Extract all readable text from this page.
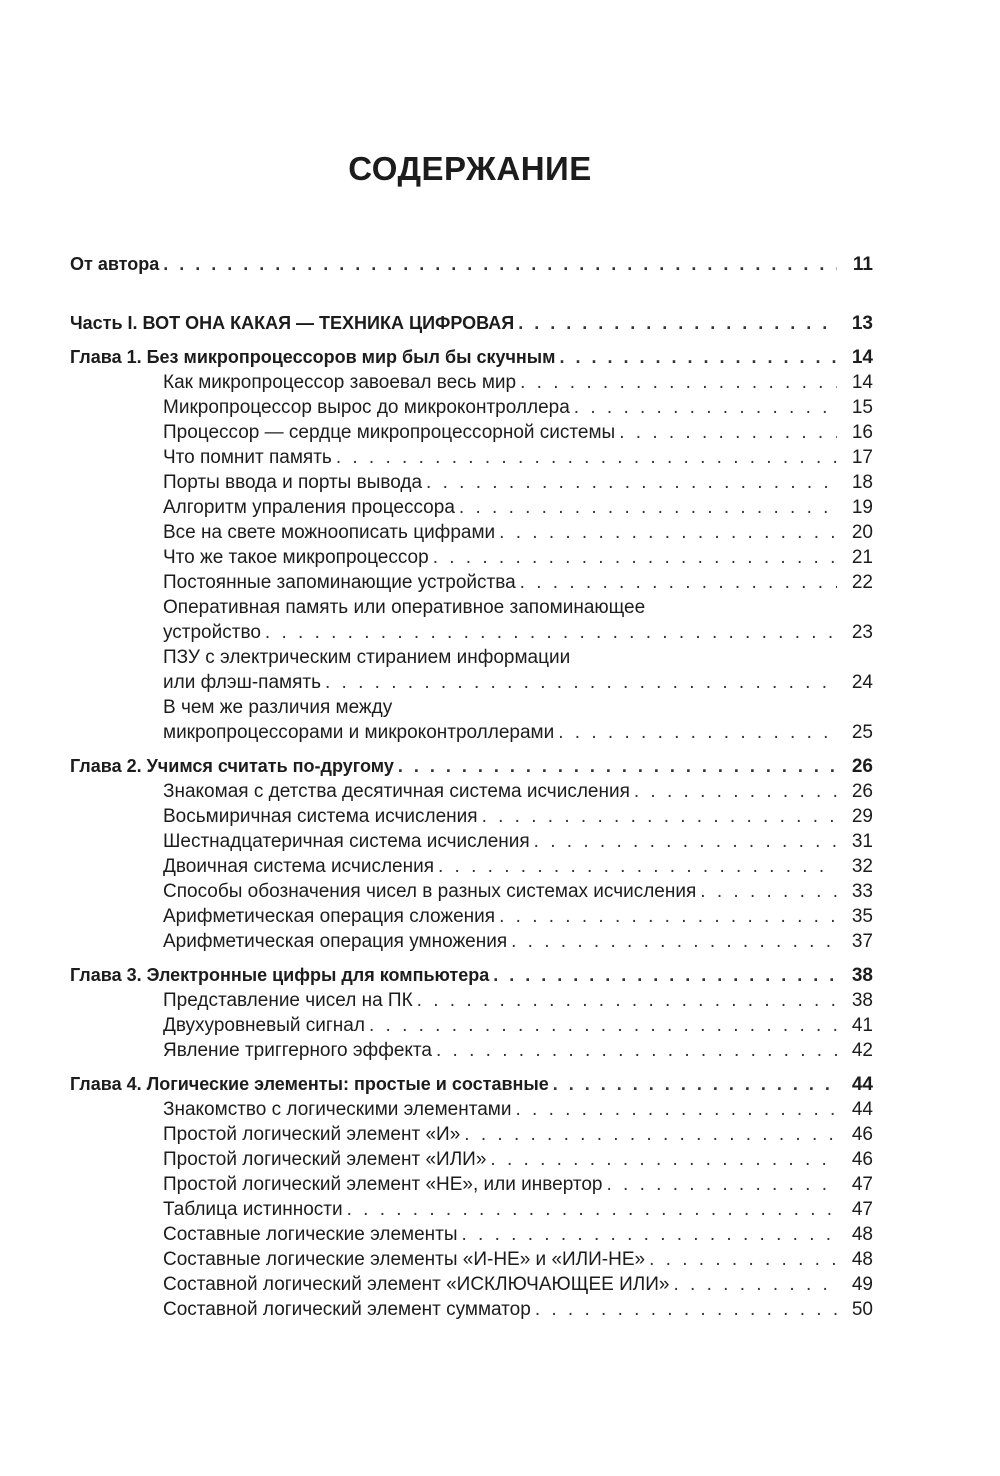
СОДЕРЖАНИЕ
От автора . . .	11
Часть I. ВОТ ОНА КАКАЯ — ТЕХНИКА ЦИФРОВАЯ . . .	13
Глава 1. Без микропроцессоров мир был бы скучным . . .	14
Как микропроцессор завоевал весь мир . . .	14
Микропроцессор вырос до микроконтроллера . . .	15
Процессор — сердце микропроцессорной системы . . .	16
Что помнит память . . .	17
Порты ввода и порты вывода . . .	18
Алгоритм упраления процессора . . .	19
Все на свете можноописать цифрами . . .	20
Что же такое микропроцессор . . .	21
Постоянные запоминающие устройства . . .	22
Оперативная память или оперативное запоминающее
устройство . . .	23
ПЗУ с электрическим стиранием информации
или флэш-память . . .	24
В чем же различия между
микропроцессорами и микроконтроллерами . . .	25
Глава 2. Учимся считать по-другому . . .	26
Знакомая с детства десятичная система исчисления . . .	26
Восьмиричная система исчисления . . .	29
Шестнадцатеричная система исчисления . . .	31
Двоичная система исчисления . . .	32
Способы обозначения чисел в разных системах исчисления . . .	33
Арифметическая операция сложения . . .	35
Арифметическая операция умножения . . .	37
Глава 3. Электронные цифры для компьютера . . .	38
Представление чисел на ПК . . .	38
Двухуровневый сигнал . . .	41
Явление триггерного эффекта . . .	42
Глава 4. Логические элементы: простые и составные . . .	44
Знакомство с логическими элементами . . .	44
Простой логический элемент «И» . . .	46
Простой логический элемент «ИЛИ» . . .	46
Простой логический элемент «НЕ», или инвертор . . .	47
Таблица истинности . . .	47
Составные логические элементы . . .	48
Составные логические элементы «И-НЕ» и «ИЛИ-НЕ» . . .	48
Составной логический элемент «ИСКЛЮЧАЮЩЕЕ ИЛИ» . . .	49
Составной логический элемент сумматор . . .	50
